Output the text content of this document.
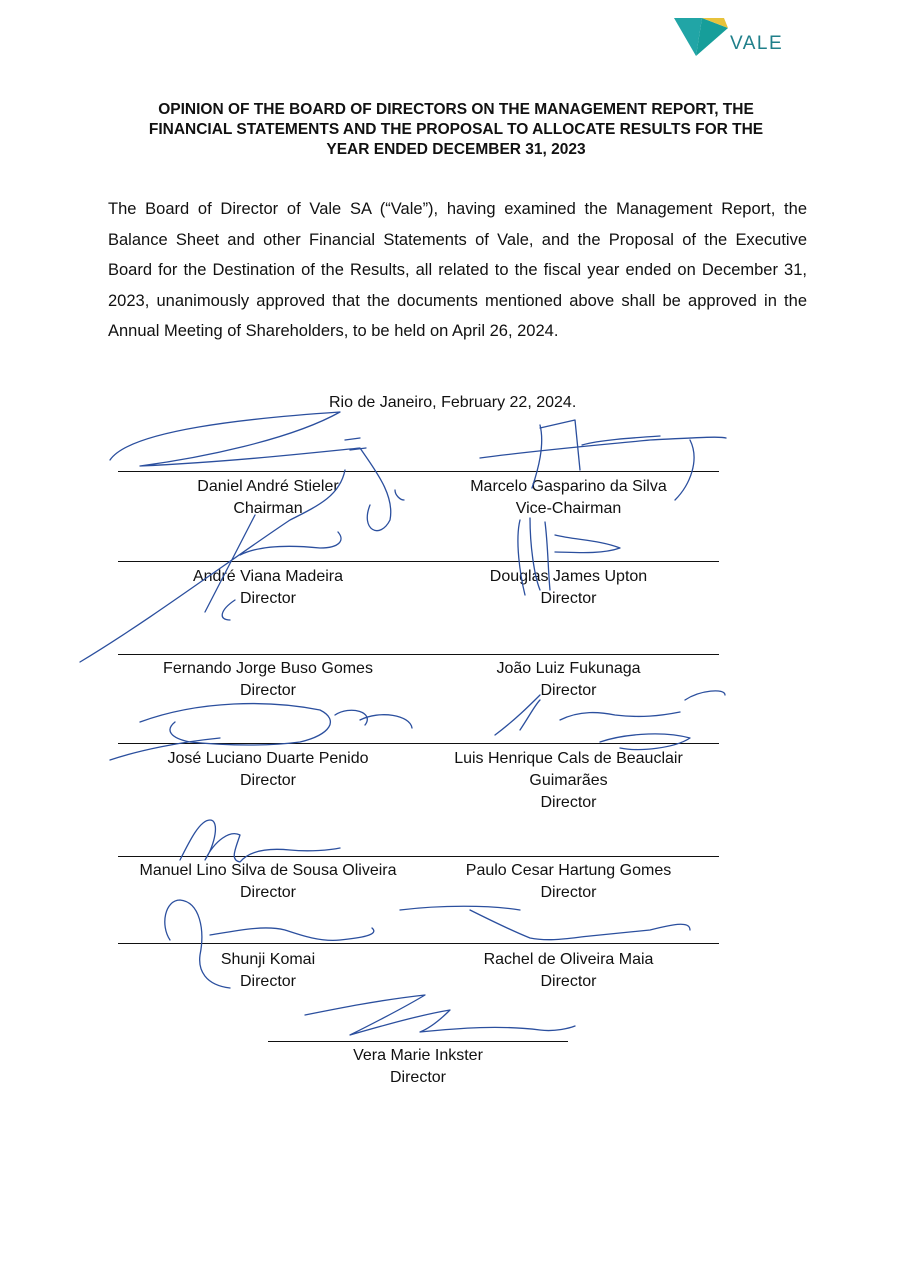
VALE
OPINION OF THE BOARD OF DIRECTORS ON THE MANAGEMENT REPORT, THE
FINANCIAL STATEMENTS AND THE PROPOSAL TO ALLOCATE RESULTS FOR THE
YEAR ENDED DECEMBER 31, 2023

The Board of Director of Vale SA (“Vale”), having examined the Management Report, the Balance Sheet and other Financial Statements of Vale, and the Proposal of the Executive Board for the Destination of the Results, all related to the fiscal year ended on December 31, 2023, unanimously approved that the documents mentioned above shall be approved in the Annual Meeting of Shareholders, to be held on April 26, 2024.

Rio de Janeiro, February 22, 2024.

Daniel André Stieler
Chairman
Marcelo Gasparino da Silva
Vice-Chairman
André Viana Madeira
Director
Douglas James Upton
Director
Fernando Jorge Buso Gomes
Director
João Luiz Fukunaga
Director
José Luciano Duarte Penido
Director
Luis Henrique Cals de Beauclair
Guimarães
Director
Manuel Lino Silva de Sousa Oliveira
Director
Paulo Cesar Hartung Gomes
Director
Shunji Komai
Director
Rachel de Oliveira Maia
Director
Vera Marie Inkster
Director
